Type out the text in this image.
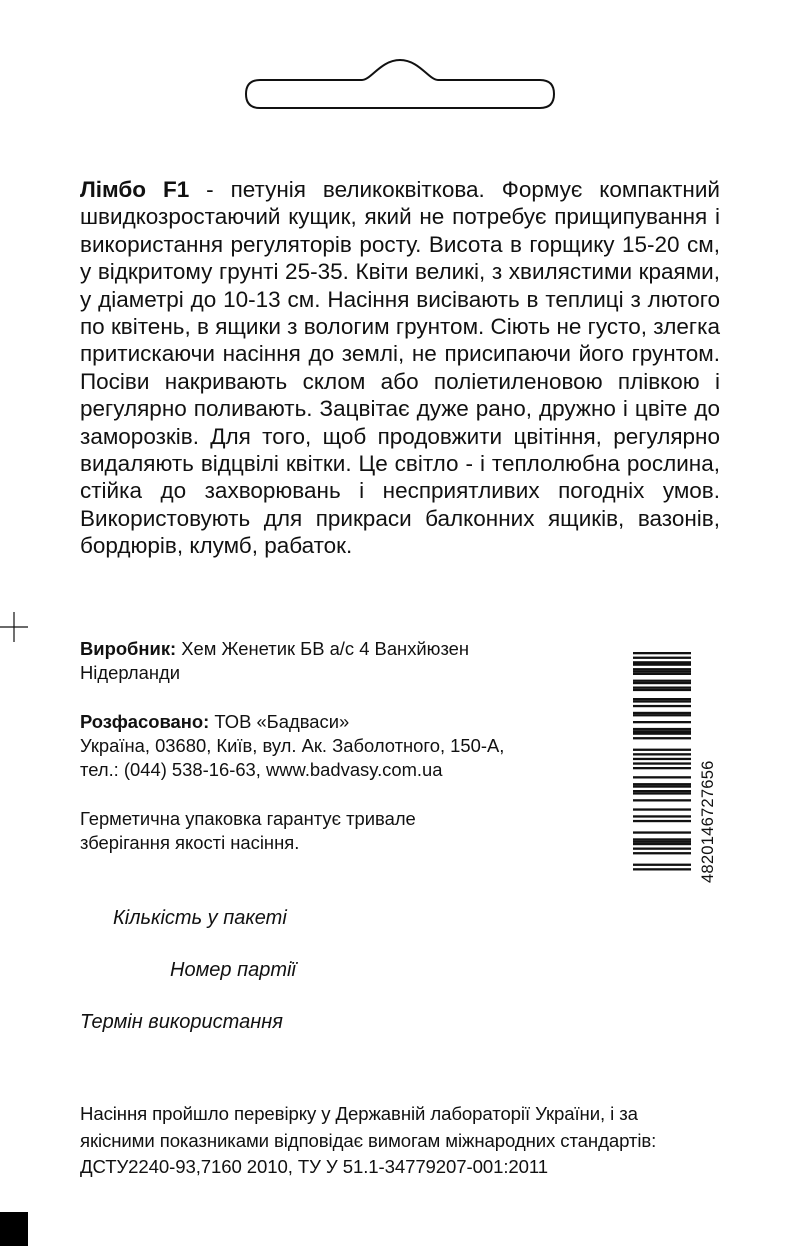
Лімбо F1 - петунія великоквіткова. Формує компактний швидкозростаючий кущик, який не потребує прищипування і використання регуляторів росту. Висота в горщику 15-20 см, у відкритому грунті 25-35. Квіти великі, з хвилястими краями, у діаметрі до 10-13 см. Насіння висівають в теплиці з лютого по квітень, в ящики з вологим грунтом. Сіють не густо, злегка притискаючи насіння до землі, не присипаючи його грунтом. Посіви накривають склом або поліетиленовою плівкою і регулярно поливають. Зацвітає дуже рано, дружно і цвіте до заморозків. Для того, щоб продовжити цвітіння, регулярно видаляють відцвілі квітки. Це світло - і теплолюбна рослина, стійка до захворювань і несприятливих погодніх умов. Використовують для прикраси балконних ящиків, вазонів, бордюрів, клумб, рабаток.

Виробник: Хем Женетик БВ а/с 4 Ванхйюзен
Нідерланди
Розфасовано: ТОВ «Бадваси»
Україна, 03680, Київ, вул. Ак. Заболотного, 150-А,
тел.: (044) 538-16-63, www.badvasy.com.ua
Герметична упаковка гарантує тривале
зберігання якості насіння.	4820146727656
Кількість у пакеті
Номер партії
Термін використання
Насіння пройшло перевірку у Державній лабораторії України, і за
якісними показниками відповідає вимогам міжнародних стандартів:
ДСТУ2240-93,7160 2010, ТУ У 51.1-34779207-001:2011
